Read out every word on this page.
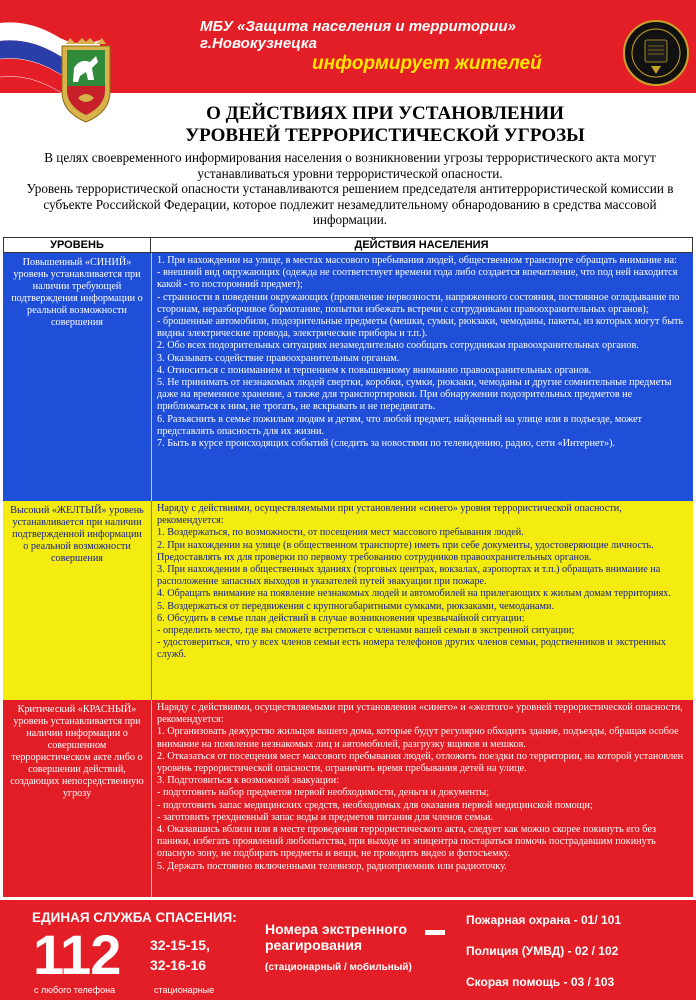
МБУ «Защита населения и территории» г.Новокузнецка
информирует жителей
О ДЕЙСТВИЯХ ПРИ УСТАНОВЛЕНИИ
УРОВНЕЙ ТЕРРОРИСТИЧЕСКОЙ УГРОЗЫ
В целях своевременного информирования населения о возникновении угрозы террористического акта могут устанавливаться уровни террористической опасности.
Уровень террористической опасности устанавливаются решением председателя антитеррористической комиссии в субъекте Российской Федерации, которое подлежит незамедлительному обнародованию в средства массовой информации.
УРОВЕНЬ	ДЕЙСТВИЯ НАСЕЛЕНИЯ
Повышенный «СИНИЙ» уровень устанавливается при наличии требующей подтверждения информации о реальной возможности совершения

1. При нахождении на улице, в местах массового пребывания людей, общественном транспорте обращать внимание на:

- внешний вид окружающих (одежда не соответствует времени года либо создается впечатление, что под ней находится какой - то посторонний предмет);

- странности в поведении окружающих (проявление нервозности, напряженного состояния, постоянное оглядывание по сторонам, неразборчивое бормотание, попытки избежать встречи с сотрудниками правоохранительных органов);

- брошенные автомобили, подозрительные предметы (мешки, сумки, рюкзаки, чемоданы, пакеты, из которых могут быть видны электрические провода, электрические приборы и т.п.).

2. Обо всех подозрительных ситуациях незамедлительно сообщать сотрудникам правоохранительных органов.

3. Оказывать содействие правоохранительным органам.

4. Относиться с пониманием и терпением к повышенному вниманию правоохранительных органов.

5. Не принимать от незнакомых людей свертки, коробки, сумки, рюкзаки, чемоданы и другие сомнительные предметы даже на временное хранение, а также для транспортировки. При обнаружении подозрительных предметов не приближаться к ним, не трогать, не вскрывать и не передвигать.

6. Разъяснить в семье пожилым людям и детям, что любой предмет, найденный на улице или в подъезде, может представлять опасность для их жизни.

7. Быть в курсе происходящих событий (следить за новостями по телевидению, радио, сети «Интернет»).

Высокий «ЖЕЛТЫЙ» уровень устанавливается при наличии подтвержденной информации о реальной возможности совершения

Наряду с действиями, осуществляемыми при установлении «синего» уровня террористической опасности, рекомендуется:

1. Воздержаться, по возможности, от посещения мест массового пребывания людей.

2. При нахождении на улице (в общественном транспорте) иметь при себе документы, удостоверяющие личность. Предоставлять их для проверки по первому требованию сотрудников правоохранительных органов.

3. При нахождении в общественных зданиях (торговых центрах, вокзалах, аэропортах и т.п.) обращать внимание на расположение запасных выходов и указателей путей эвакуации при пожаре.

4. Обращать внимание на появление незнакомых людей и автомобилей на прилегающих к жилым домам территориях.

5. Воздержаться от передвижения с крупногабаритными сумками, рюкзаками, чемоданами.

6. Обсудить в семье план действий в случае возникновения чрезвычайной ситуации:

- определить место, где вы сможете встретиться с членами вашей семьи в экстренной ситуации;

- удостовериться, что у всех членов семьи есть номера телефонов других членов семьи, родственников и экстренных служб.

Критический «КРАСНЫЙ» уровень устанавливается при наличии информации о совершенном террористическом акте либо о совершении действий, создающих непосредственную угрозу

Наряду с действиями, осуществляемыми при установлении «синего» и «желтого» уровней террористической опасности, рекомендуется:

1. Организовать дежурство жильцов вашего дома, которые будут регулярно обходить здание, подъезды, обращая особое внимание на появление незнакомых лиц и автомобилей, разгрузку ящиков и мешков.

2. Отказаться от посещения мест массового пребывания людей, отложить поездки по территории, на которой установлен уровень террористической опасности, ограничить время пребывания детей на улице.

3. Подготовиться к возможной эвакуации:

- подготовить набор предметов первой необходимости, деньги и документы;

- подготовить запас медицинских средств, необходимых для оказания первой медицинской помощи;

- заготовить трехдневный запас воды и предметов питания для членов семьи.

4. Оказавшись вблизи или в месте проведения террористического акта, следует как можно скорее покинуть его без паники, избегать проявлений любопытства, при выходе из эпицентра постараться помочь пострадавшим покинуть опасную зону, не подбирать предметы и вещи, не проводить видео и фотосъемку.

5. Держать постоянно включенными телевизор, радиоприемник или радиоточку.

ЕДИНАЯ СЛУЖБА СПАСЕНИЯ:
112
с любого телефона
32-15-15,
32-16-16
стационарные
Номера экстренного
реагирования
(стационарный / мобильный)
Пожарная охрана - 01/ 101
Полиция (УМВД) - 02 / 102
Скорая помощь - 03 / 103
